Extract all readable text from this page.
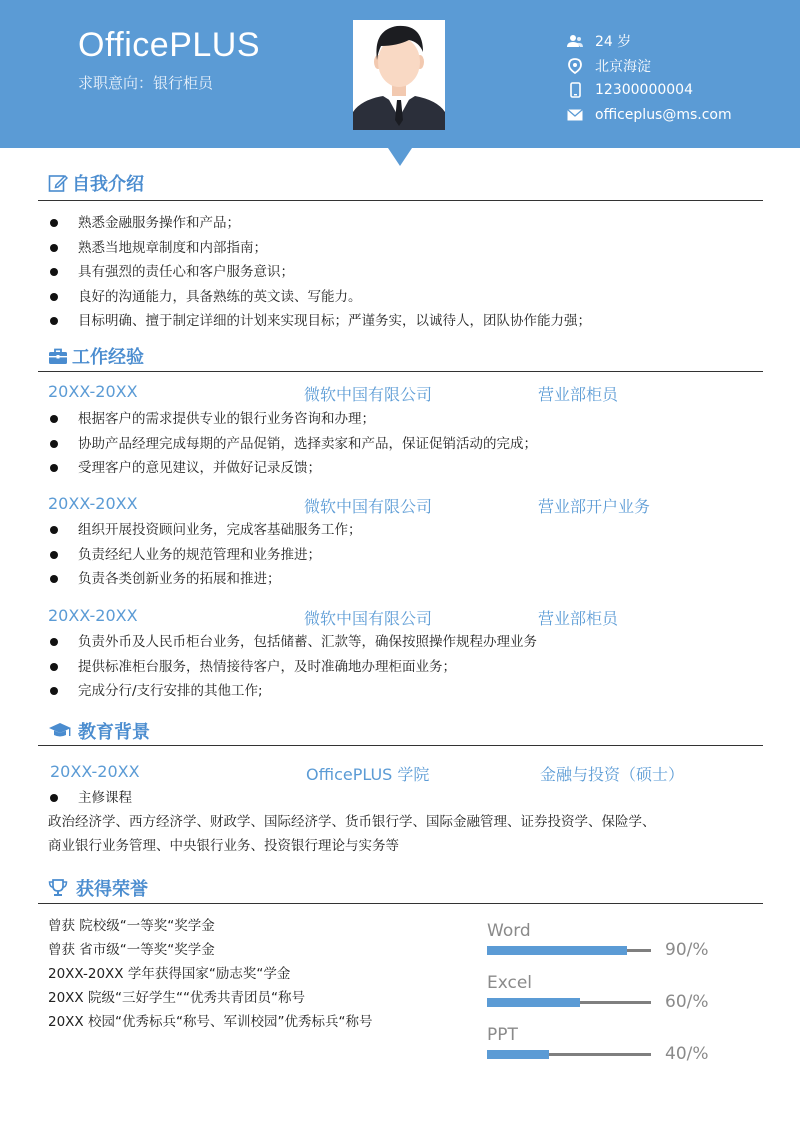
OfficePLUS
求职意向：银行柜员
24 岁
北京海淀
12300000004
officeplus@ms.com
自我介绍
熟悉金融服务操作和产品；
熟悉当地规章制度和内部指南；
具有强烈的责任心和客户服务意识；
良好的沟通能力，具备熟练的英文读、写能力。
目标明确、擅于制定详细的计划来实现目标；严谨务实，以诚待人，团队协作能力强；
工作经验
20XX-20XX	微软中国有限公司	营业部柜员
根据客户的需求提供专业的银行业务咨询和办理；
协助产品经理完成每期的产品促销，选择卖家和产品，保证促销活动的完成；
受理客户的意见建议，并做好记录反馈；
20XX-20XX	微软中国有限公司	营业部开户业务
组织开展投资顾问业务，完成客基础服务工作；
负责经纪人业务的规范管理和业务推进；
负责各类创新业务的拓展和推进；
20XX-20XX	微软中国有限公司	营业部柜员
负责外币及人民币柜台业务，包括储蓄、汇款等，确保按照操作规程办理业务
提供标准柜台服务，热情接待客户，及时准确地办理柜面业务；
完成分行/支行安排的其他工作;
教育背景
20XX-20XX	OfficePLUS 学院	金融与投资（硕士）
主修课程
政治经济学、西方经济学、财政学、国际经济学、货币银行学、国际金融管理、证券投资学、保险学、
商业银行业务管理、中央银行业务、投资银行理论与实务等
获得荣誉
曾获 院校级“一等奖“奖学金
曾获 省市级“一等奖“奖学金
20XX-20XX 学年获得国家“励志奖“学金
20XX 院级“三好学生““优秀共青团员“称号
20XX 校园“优秀标兵“称号、军训校园”优秀标兵“称号
Word
90/%
Excel
60/%
PPT
40/%
